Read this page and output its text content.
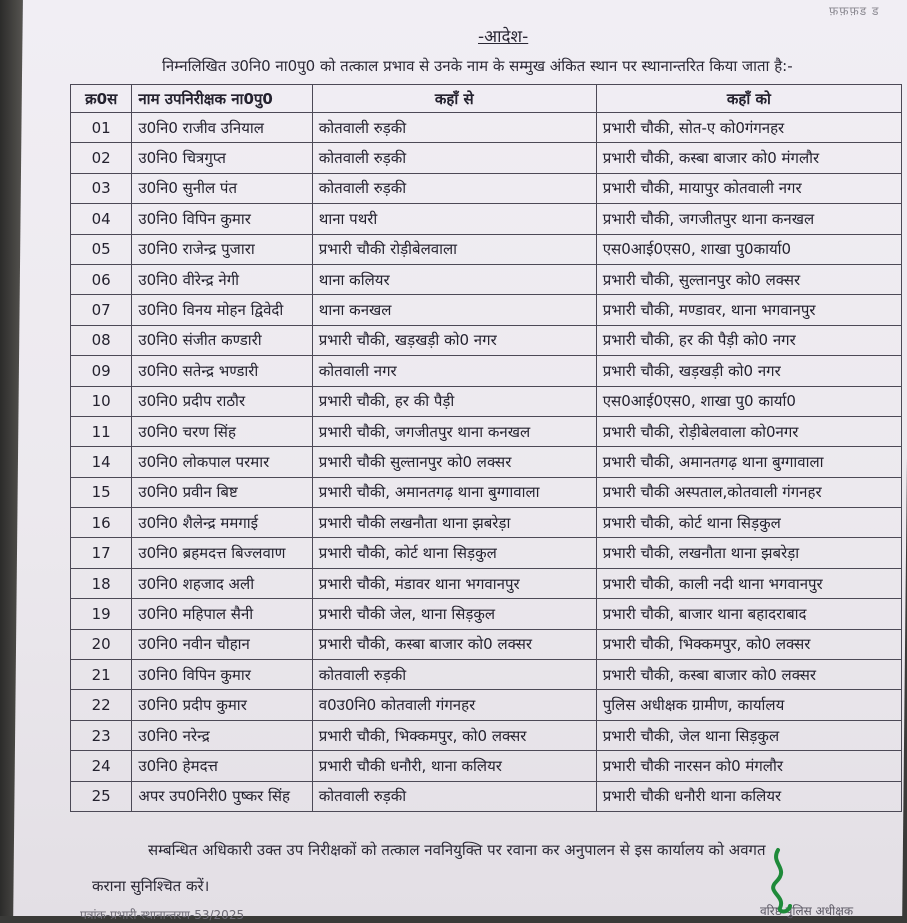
फ़फ़फ़ड ड
-आदेश-
निम्नलिखित उ0नि0 ना0पु0 को तत्काल प्रभाव से उनके नाम के सम्मुख अंकित स्थान पर स्थानान्तरित किया जाता है:-
क्र0स	नाम उपनिरीक्षक ना0पु0	कहाँ से	कहाँ को
01	उ0नि0 राजीव उनियाल	कोतवाली रुड़की	प्रभारी चौकी, सोत-ए को0गंगनहर
02	उ0नि0 चित्रगुप्त	कोतवाली रुड़की	प्रभारी चौकी, कस्बा बाजार को0 मंगलौर
03	उ0नि0 सुनील पंत	कोतवाली रुड़की	प्रभारी चौकी, मायापुर कोतवाली नगर
04	उ0नि0 विपिन कुमार	थाना पथरी	प्रभारी चौकी, जगजीतपुर थाना कनखल
05	उ0नि0 राजेन्द्र पुजारा	प्रभारी चौकी रोड़ीबेलवाला	एस0आई0एस0, शाखा पु0कार्या0
06	उ0नि0 वीरेन्द्र नेगी	थाना कलियर	प्रभारी चौकी, सुल्तानपुर को0 लक्सर
07	उ0नि0 विनय मोहन द्विवेदी	थाना कनखल	प्रभारी चौकी, मण्डावर, थाना भगवानपुर
08	उ0नि0 संजीत कण्डारी	प्रभारी चौकी, खड़खड़ी को0 नगर	प्रभारी चौकी, हर की पैड़ी को0 नगर
09	उ0नि0 सतेन्द्र भण्डारी	कोतवाली नगर	प्रभारी चौकी, खड़खड़ी को0 नगर
10	उ0नि0 प्रदीप राठौर	प्रभारी चौकी, हर की पैड़ी	एस0आई0एस0, शाखा पु0 कार्या0
11	उ0नि0 चरण सिंह	प्रभारी चौकी, जगजीतपुर थाना कनखल	प्रभारी चौकी, रोड़ीबेलवाला को0नगर
14	उ0नि0 लोकपाल परमार	प्रभारी चौकी सुल्तानपुर को0 लक्सर	प्रभारी चौकी, अमानतगढ़ थाना बुग्गावाला
15	उ0नि0 प्रवीन बिष्ट	प्रभारी चौकी, अमानतगढ़ थाना बुग्गावाला	प्रभारी चौकी अस्पताल,कोतवाली गंगनहर
16	उ0नि0 शैलेन्द्र ममगाई	प्रभारी चौकी लखनौता थाना झबरेड़ा	प्रभारी चौकी, कोर्ट थाना सिड़कुल
17	उ0नि0 ब्रहमदत्त बिज्लवाण	प्रभारी चौकी, कोर्ट थाना सिड़कुल	प्रभारी चौकी, लखनौता थाना झबरेड़ा
18	उ0नि0 शहजाद अली	प्रभारी चौकी, मंडावर थाना भगवानपुर	प्रभारी चौकी, काली नदी थाना भगवानपुर
19	उ0नि0 महिपाल सैनी	प्रभारी चौकी जेल, थाना सिड़कुल	प्रभारी चौकी, बाजार थाना बहादराबाद
20	उ0नि0 नवीन चौहान	प्रभारी चौकी, कस्बा बाजार को0 लक्सर	प्रभारी चौकी, भिक्कमपुर, को0 लक्सर
21	उ0नि0 विपिन कुमार	कोतवाली रुड़की	प्रभारी चौकी, कस्बा बाजार को0 लक्सर
22	उ0नि0 प्रदीप कुमार	व0उ0नि0 कोतवाली गंगनहर	पुलिस अधीक्षक ग्रामीण, कार्यालय
23	उ0नि0 नरेन्द्र	प्रभारी चौकी, भिक्कमपुर, को0 लक्सर	प्रभारी चौकी, जेल थाना सिड़कुल
24	उ0नि0 हेमदत्त	प्रभारी चौकी धनौरी, थाना कलियर	प्रभारी चौकी नारसन को0 मंगलौर
25	अपर उप0निरी0 पुष्कर सिंह	कोतवाली रुड़की	प्रभारी चौकी धनौरी थाना कलियर
सम्बन्धित अधिकारी उक्त उप निरीक्षकों को तत्काल नवनियुक्ति पर रवाना कर अनुपालन से इस कार्यालय को अवगत
कराना सुनिश्चित करें।
पत्रांक-प्रभारी-स्थानान्तरण-53/2025	वरिष्ठ पुलिस अधीक्षक
